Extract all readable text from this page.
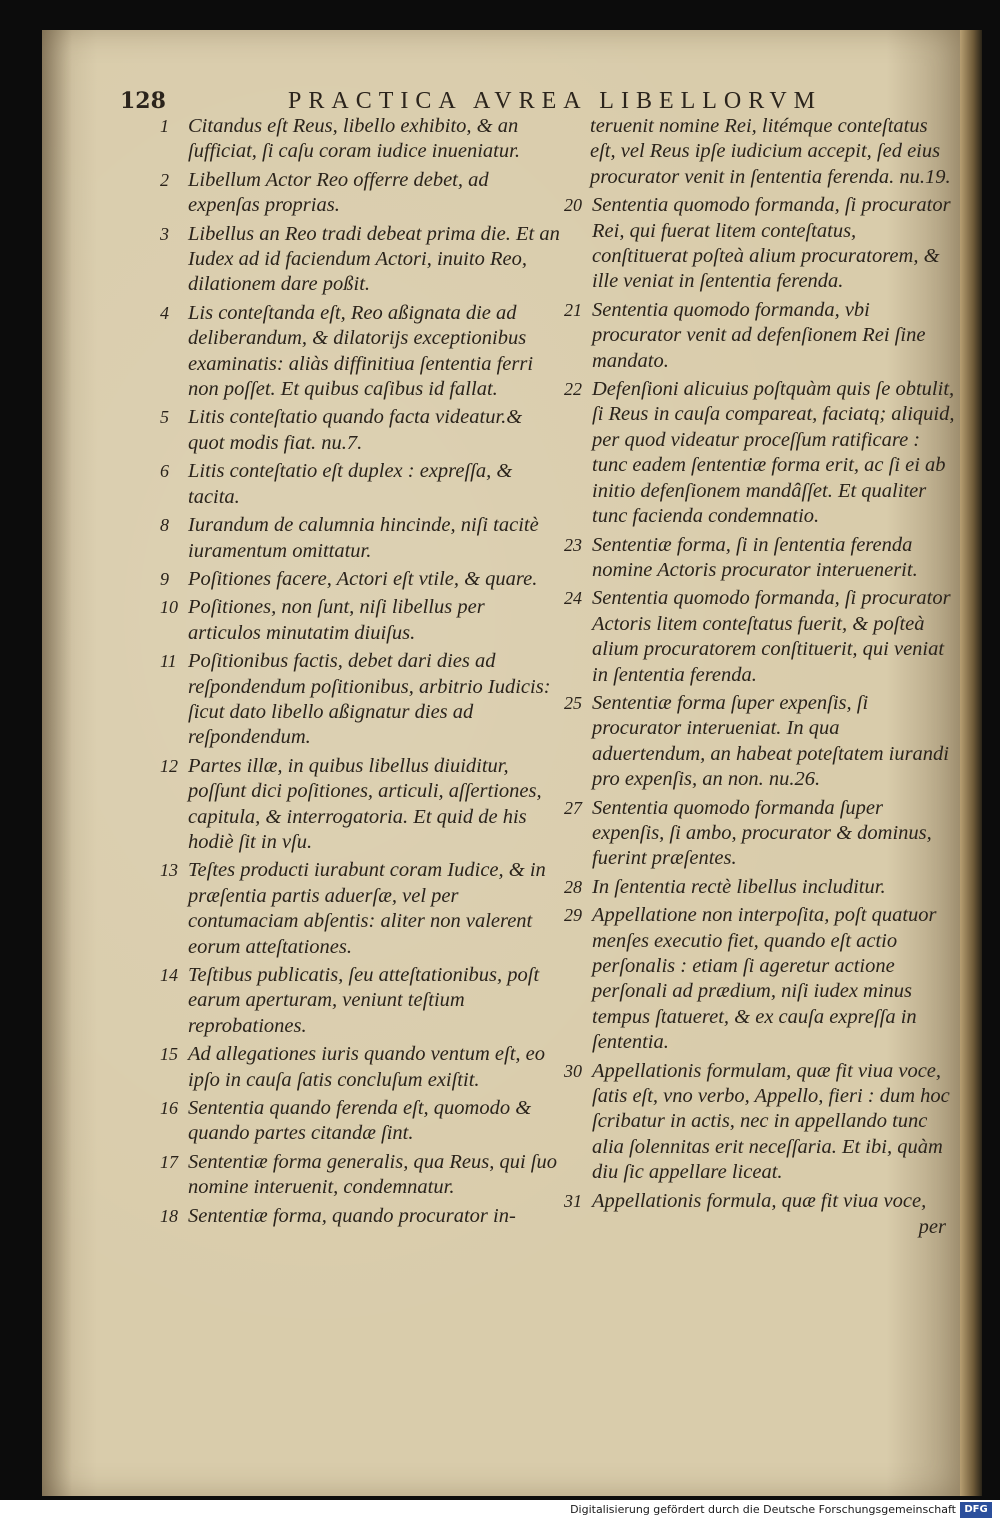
128	PRACTICA AVREA LIBELLORVM
1 Citandus eſt Reus, libello exhibito, & an ſufficiat, ſi caſu coram iudice inueniatur.
2 Libellum Actor Reo offerre debet, ad expenſas proprias.
3 Libellus an Reo tradi debeat prima die. Et an Iudex ad id faciendum Actori, inuito Reo, dilationem dare poßit.
4 Lis conteſtanda eſt, Reo aßignata die ad deliberandum, & dilatorijs exceptionibus examinatis: aliàs diffinitiua ſententia ferri non poſſet. Et quibus caſibus id fallat.
5 Litis conteſtatio quando facta videatur.& quot modis fiat. nu.7.
6 Litis conteſtatio eſt duplex : expreſſa, & tacita.
8 Iurandum de calumnia hincinde, niſi tacitè iuramentum omittatur.
9 Poſitiones facere, Actori eſt vtile, & quare.
10 Poſitiones, non ſunt, niſi libellus per articulos minutatim diuiſus.
11 Poſitionibus factis, debet dari dies ad reſpondendum poſitionibus, arbitrio Iudicis: ſicut dato libello aßignatur dies ad reſpondendum.
12 Partes illæ, in quibus libellus diuiditur, poſſunt dici poſitiones, articuli, aſſertiones, capitula, & interrogatoria. Et quid de his hodiè ſit in vſu.
13 Teſtes producti iurabunt coram Iudice, & in præſentia partis aduerſæ, vel per contumaciam abſentis: aliter non valerent eorum atteſtationes.
14 Teſtibus publicatis, ſeu atteſtationibus, poſt earum aperturam, veniunt teſtium reprobationes.
15 Ad allegationes iuris quando ventum eſt, eo ipſo in cauſa ſatis concluſum exiſtit.
16 Sententia quando ferenda eſt, quomodo & quando partes citandæ ſint.
17 Sententiæ forma generalis, qua Reus, qui ſuo nomine interuenit, condemnatur.
18 Sententiæ forma, quando procurator in-
teruenit nomine Rei, litémque conteſtatus eſt, vel Reus ipſe iudicium accepit, ſed eius procurator venit in ſententia ferenda. nu.19.
20 Sententia quomodo formanda, ſi procurator Rei, qui fuerat litem conteſtatus, conſtituerat poſteà alium procuratorem, & ille veniat in ſententia ferenda.
21 Sententia quomodo formanda, vbi procurator venit ad defenſionem Rei ſine mandato.
22 Defenſioni alicuius poſtquàm quis ſe obtulit, ſi Reus in cauſa compareat, faciatq; aliquid, per quod videatur proceſſum ratificare : tunc eadem ſententiæ forma erit, ac ſi ei ab initio defenſionem mandâſſet. Et qualiter tunc facienda condemnatio.
23 Sententiæ forma, ſi in ſententia ferenda nomine Actoris procurator interuenerit.
24 Sententia quomodo formanda, ſi procurator Actoris litem conteſtatus fuerit, & poſteà alium procuratorem conſtituerit, qui veniat in ſententia ferenda.
25 Sententiæ forma ſuper expenſis, ſi procurator interueniat. In qua aduertendum, an habeat poteſtatem iurandi pro expenſis, an non. nu.26.
27 Sententia quomodo formanda ſuper expenſis, ſi ambo, procurator & dominus, fuerint præſentes.
28 In ſententia rectè libellus includitur.
29 Appellatione non interpoſita, poſt quatuor menſes executio fiet, quando eſt actio perſonalis : etiam ſi ageretur actione perſonali ad prædium, niſi iudex minus tempus ſtatueret, & ex cauſa expreſſa in ſententia.
30 Appellationis formulam, quæ fit viua voce, ſatis eſt, vno verbo, Appello, fieri : dum hoc ſcribatur in actis, nec in appellando tunc alia ſolennitas erit neceſſaria. Et ibi, quàm diu ſic appellare liceat.
31 Appellationis formula, quæ fit viua voce,
per
Digitalisierung gefördert durch die Deutsche Forschungsgemeinschaft DFG
